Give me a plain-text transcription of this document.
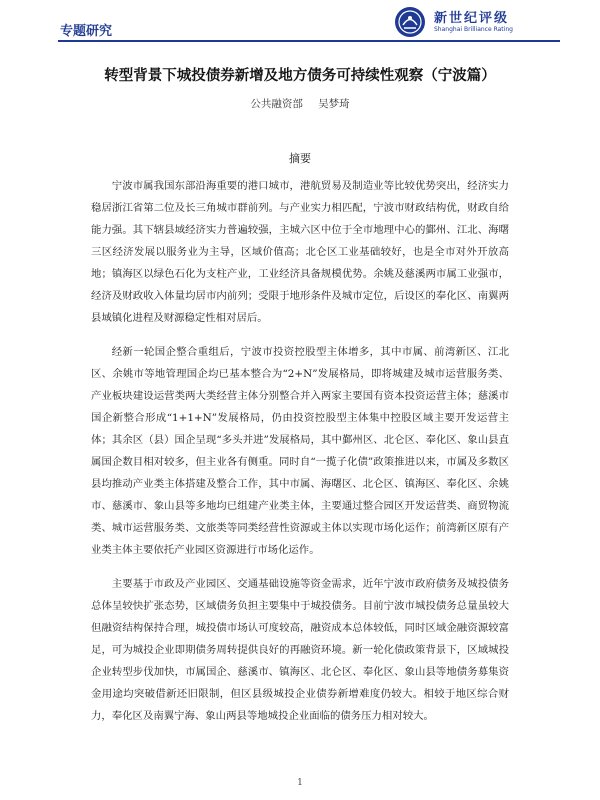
专题研究
新世纪评级
Shanghai Brilliance Rating
转型背景下城投债券新增及地方债务可持续性观察（宁波篇）
公共融资部 吴梦琦
摘要

宁波市属我国东部沿海重要的港口城市，港航贸易及制造业等比较优势突出，经济实力稳居浙江省第二位及长三角城市群前列。与产业实力相匹配，宁波市财政结构优，财政自给能力强。其下辖县域经济实力普遍较强，主城六区中位于全市地理中心的鄞州、江北、海曙三区经济发展以服务业为主导，区域价值高；北仑区工业基础较好，也是全市对外开放高地；镇海区以绿色石化为支柱产业，工业经济具备规模优势。余姚及慈溪两市属工业强市，经济及财政收入体量均居市内前列；受限于地形条件及城市定位，后设区的奉化区、南翼两县域镇化进程及财源稳定性相对居后。

经新一轮国企整合重组后，宁波市投资控股型主体增多，其中市属、前湾新区、江北区、余姚市等地管理国企均已基本整合为“2+N”发展格局，即将城建及城市运营服务类、产业板块建设运营类两大类经营主体分别整合并入两家主要国有资本投资运营主体；慈溪市国企新整合形成“1+1+N”发展格局，仍由投资控股型主体集中控股区域主要开发运营主体；其余区（县）国企呈现“多头并进”发展格局，其中鄞州区、北仑区、奉化区、象山县直属国企数目相对较多，但主业各有侧重。同时自“一揽子化债”政策推进以来，市属及多数区县均推动产业类主体搭建及整合工作，其中市属、海曙区、北仑区、镇海区、奉化区、余姚市、慈溪市、象山县等多地均已组建产业类主体，主要通过整合园区开发运营类、商贸物流类、城市运营服务类、文旅类等同类经营性资源或主体以实现市场化运作；前湾新区原有产业类主体主要依托产业园区资源进行市场化运作。

主要基于市政及产业园区、交通基础设施等资金需求，近年宁波市政府债务及城投债务总体呈较快扩张态势，区域债务负担主要集中于城投债务。目前宁波市城投债务总量虽较大但融资结构保持合理，城投债市场认可度较高，融资成本总体较低，同时区域金融资源较富足，可为城投企业即期债务周转提供良好的再融资环境。新一轮化债政策背景下，区域城投企业转型步伐加快，市属国企、慈溪市、镇海区、北仑区、奉化区、象山县等地债务募集资金用途均突破借新还旧限制，但区县级城投企业债券新增难度仍较大。相较于地区综合财力，奉化区及南翼宁海、象山两县等地城投企业面临的债务压力相对较大。

1
